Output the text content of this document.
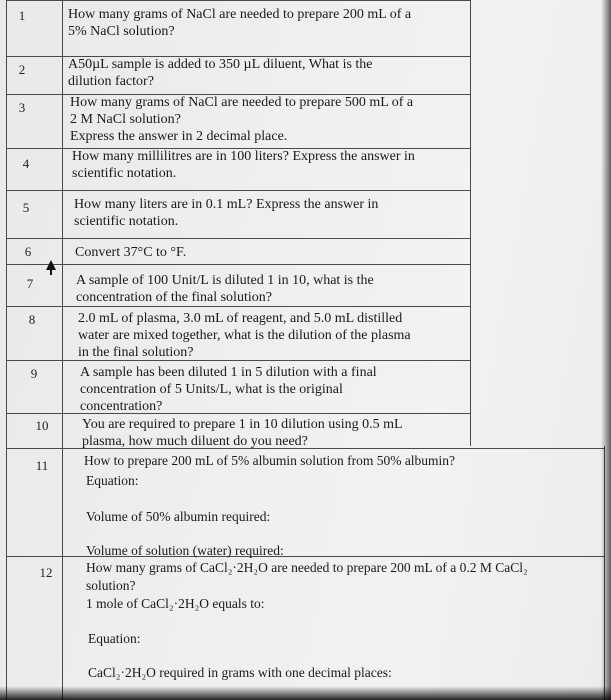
1
2
3
4
5
6
7
8
9
10
11
12
How many grams of NaCl are needed to prepare 200 mL of a
5% NaCl solution?
A50µL sample is added to 350 µL diluent, What is the
dilution factor?
How many grams of NaCl are needed to prepare 500 mL of a
2 M NaCl solution?
Express the answer in 2 decimal place.
How many millilitres are in 100 liters? Express the answer in
scientific notation.
How many liters are in 0.1 mL? Express the answer in
scientific notation.
Convert 37°C to °F.
A sample of 100 Unit/L is diluted 1 in 10, what is the
concentration of the final solution?
2.0 mL of plasma, 3.0 mL of reagent, and 5.0 mL distilled
water are mixed together, what is the dilution of the plasma
in the final solution?
A sample has been diluted 1 in 5 dilution with a final
concentration of 5 Units/L, what is the original
concentration?
You are required to prepare 1 in 10 dilution using 0.5 mL
plasma, how much diluent do you need?
How to prepare 200 mL of 5% albumin solution from 50% albumin?
Equation:
Volume of 50% albumin required:
Volume of solution (water) required:
How many grams of CaCl₂·2H₂O are needed to prepare 200 mL of a 0.2 M CaCl₂
solution?
1 mole of CaCl₂·2H₂O equals to:
Equation:
CaCl₂·2H₂O required in grams with one decimal places:
